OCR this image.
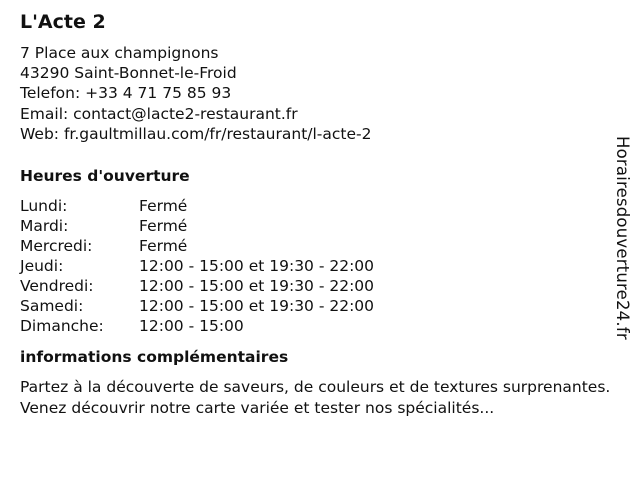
L'Acte 2
7 Place aux champignons
43290 Saint-Bonnet-le-Froid
Telefon: +33 4 71 75 85 93
Email: contact@lacte2-restaurant.fr
Web: fr.gaultmillau.com/fr/restaurant/l-acte-2
Heures d'ouverture
Lundi:	Fermé
Mardi:	Fermé
Mercredi:	Fermé
Jeudi:	12:00 - 15:00 et 19:30 - 22:00
Vendredi:	12:00 - 15:00 et 19:30 - 22:00
Samedi:	12:00 - 15:00 et 19:30 - 22:00
Dimanche: 12:00 - 15:00
informations complémentaires
Partez à la découverte de saveurs, de couleurs et de textures surprenantes. Venez découvrir notre carte variée et tester nos spécialités...
Horairesdouverture24.fr
